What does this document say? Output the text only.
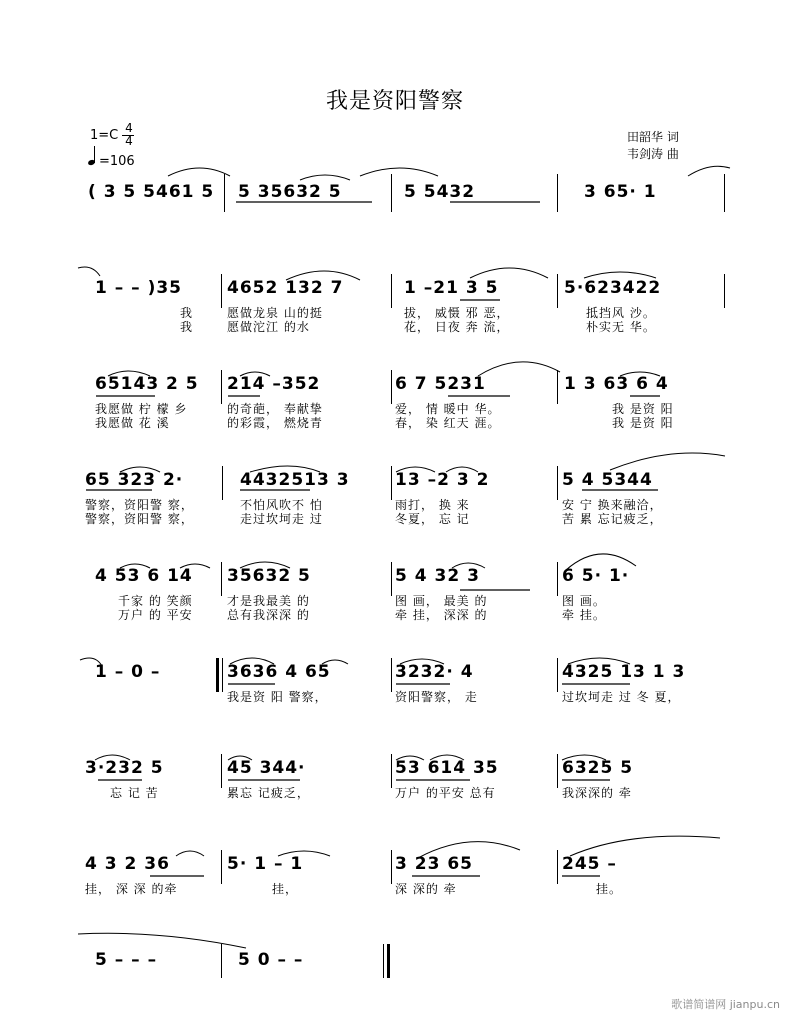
我是资阳警察
1=C 4
4
=106
田韶华 词
韦剑涛 曲
( 3 5 5461 5 5 35632 5	5 5432	3 65· 1
1 – – )35
我
我
4652 132 7
愿做龙泉 山的挺
愿做沱江 的水
1 –21 3 5
拔， 威慑 邪 恶，
花， 日夜 奔 流，
5·623422
抵挡风 沙。
朴实无 华。
65143 2 5
我愿做 柠 檬 乡
我愿做 花 溪
214 –352
的奇葩， 奉献挚
的彩霞， 燃烧青
6 7 5231
爱， 情 暖中 华。
春， 染 红天 涯。
1 3 63 6 4
我 是资 阳
我 是资 阳
65 323 2·
警察，资阳警 察，
警察，资阳警 察，
4432513 3
不怕风吹不 怕
走过坎坷走 过
13 –2 3 2
雨打， 换 来
冬夏， 忘 记
5 4 5344
安 宁 换来融洽，
苦 累 忘记疲乏，
4 53 6 14
千家 的 笑颜
万户 的 平安
35632 5
才是我最美 的
总有我深深 的
5 4 32 3
图 画， 最美 的
牵 挂， 深深 的
6 5· 1·
图 画。
牵 挂。
1 – 0 –	3636 4 65
我是资 阳 警察，
3232· 4
资阳警察， 走
4325 13 1 3
过坎坷走 过 冬 夏，
3·232 5
忘 记 苦
45 344·
累忘 记疲乏，
53 614 35
万户 的平安 总有
6325 5
我深深的 牵
4 3 2 36
挂， 深 深 的牵
5· 1 – 1
挂，
3 23 65
深 深的 牵
245 –
挂。
5 – – –	5 0 – –
歌谱简谱网 jianpu.cn
